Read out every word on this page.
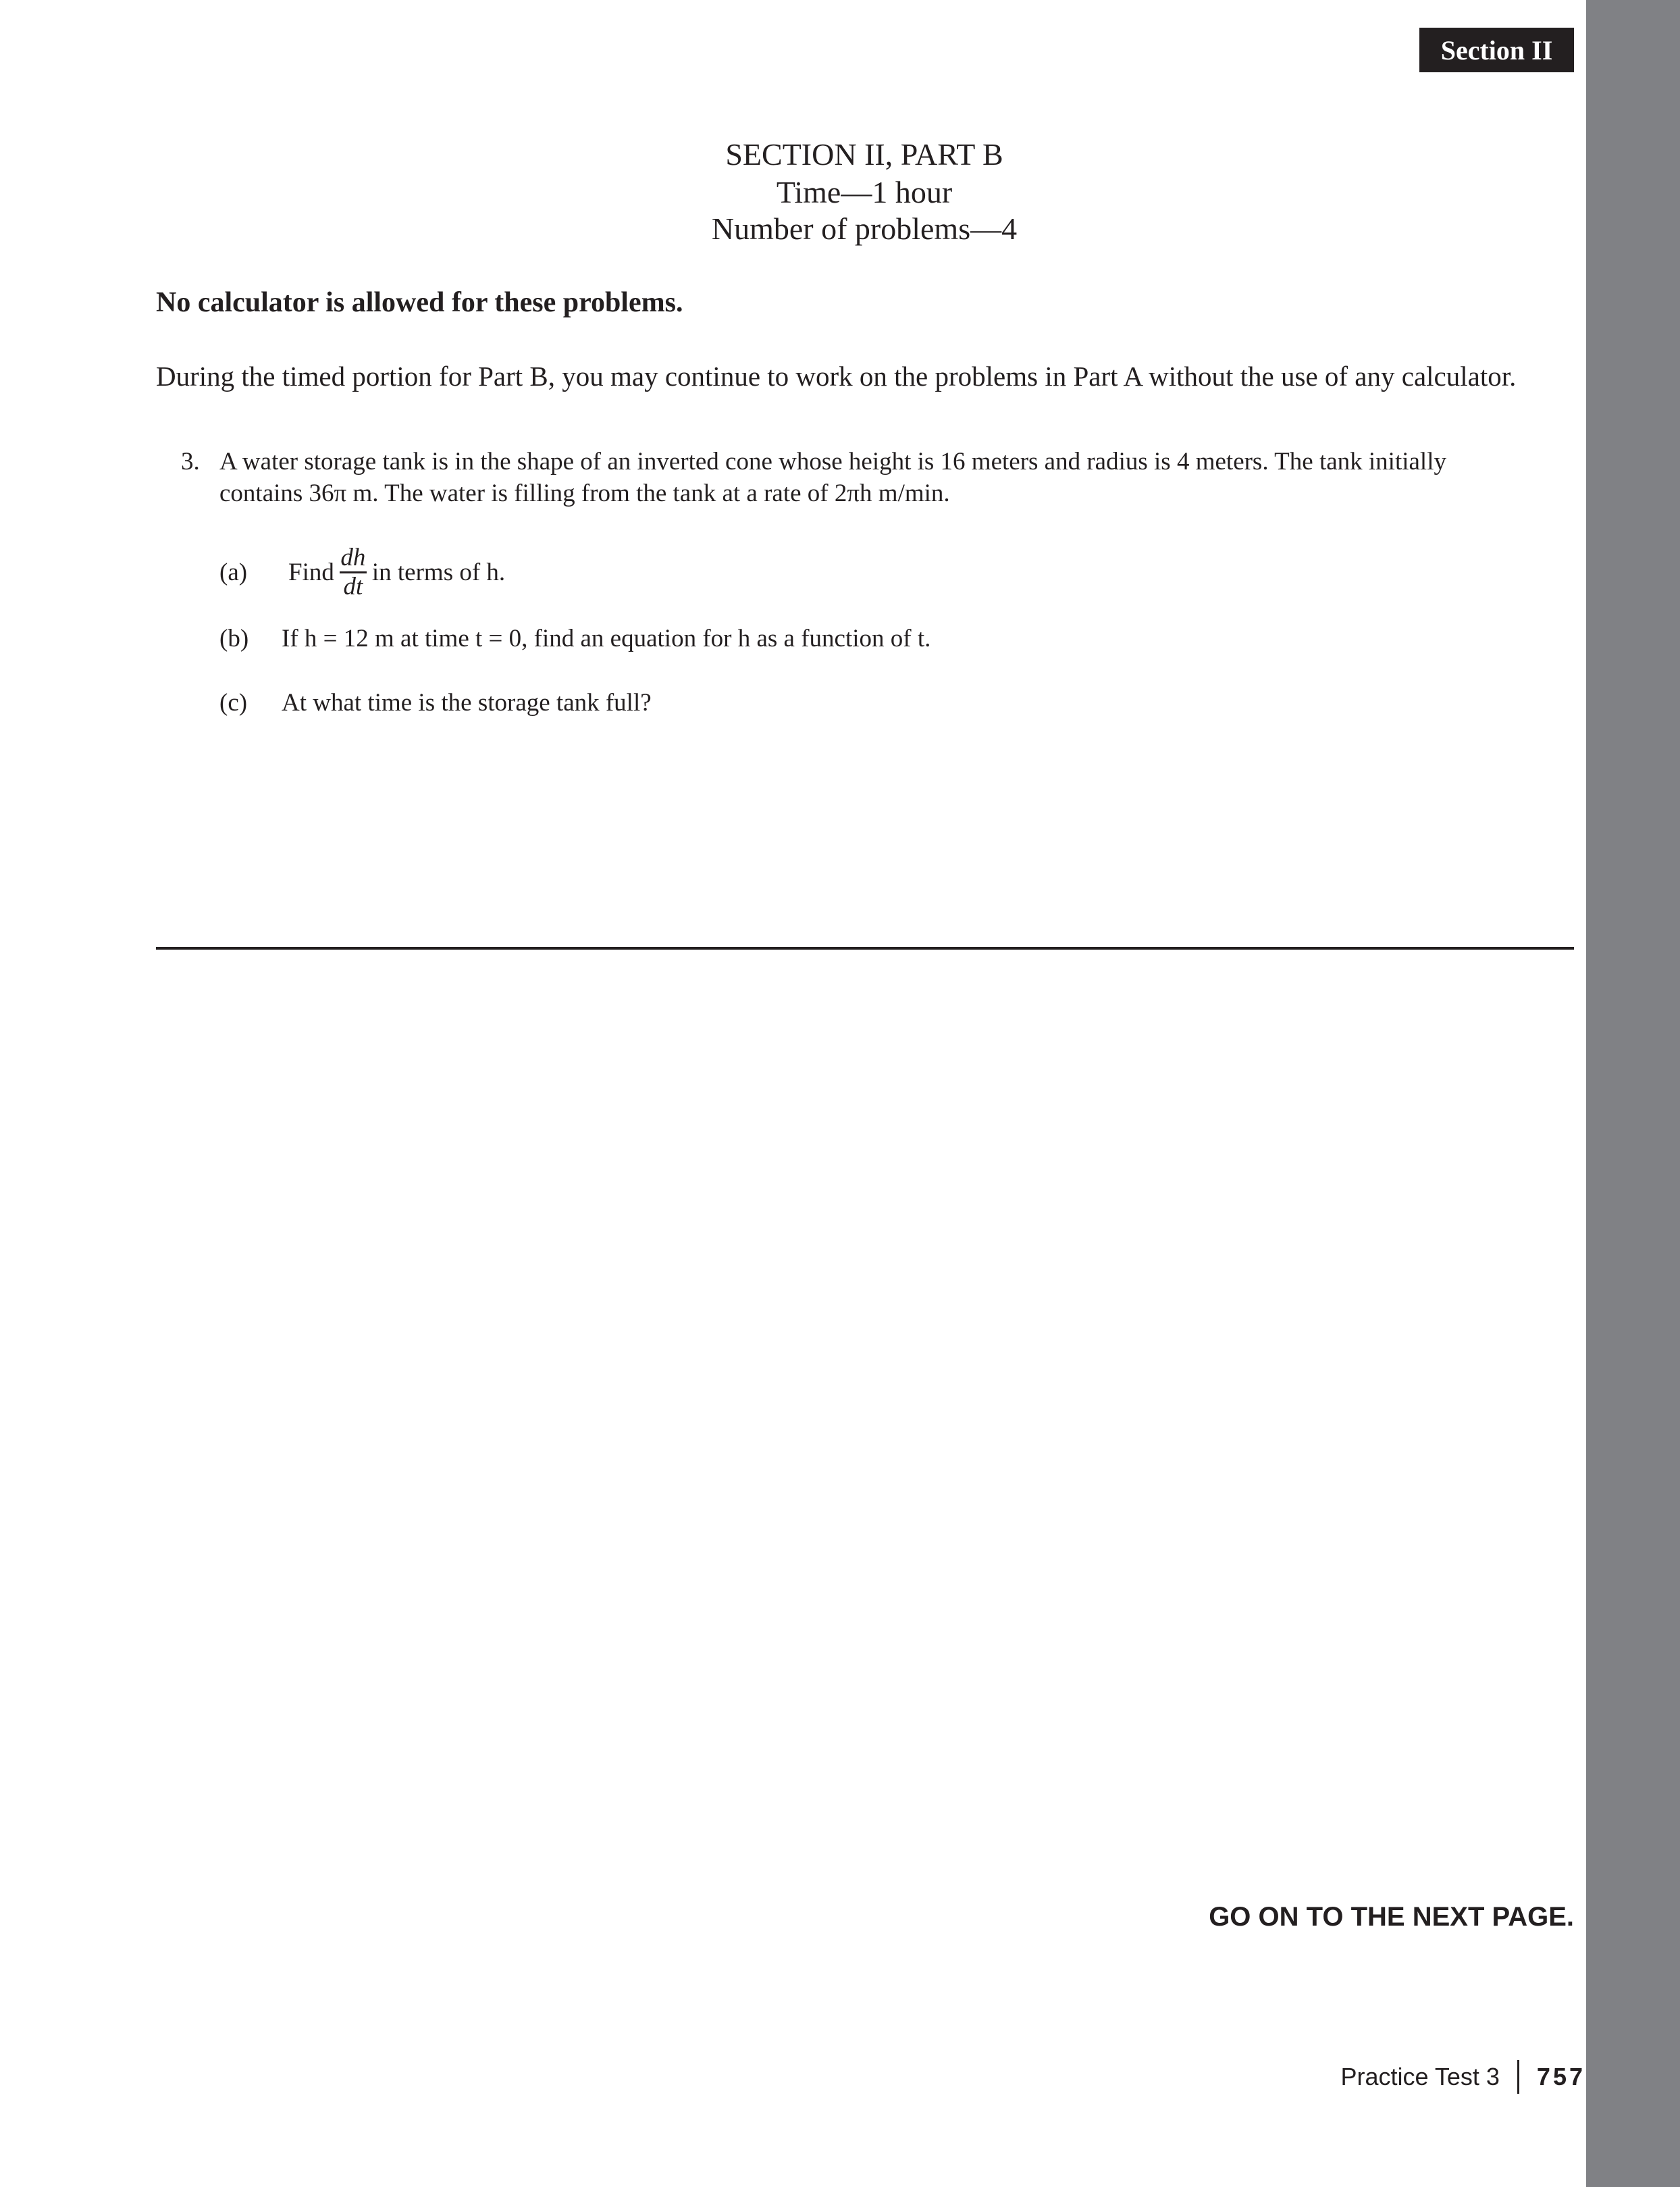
Section II
SECTION II, PART B
Time—1 hour
Number of problems—4
No calculator is allowed for these problems.
During the timed portion for Part B, you may continue to work on the problems in Part A without the use of any calculator.
3. A water storage tank is in the shape of an inverted cone whose height is 16 meters and radius is 4 meters. The tank initially
contains 36π m. The water is filling from the tank at a rate of 2πh m/min.
(a)	Find $\frac{dh}{dt}$ in terms of h.
(b) If h = 12 m at time t = 0, find an equation for h as a function of t.
(c) At what time is the storage tank full?
GO ON TO THE NEXT PAGE.
Practice Test 3 757
